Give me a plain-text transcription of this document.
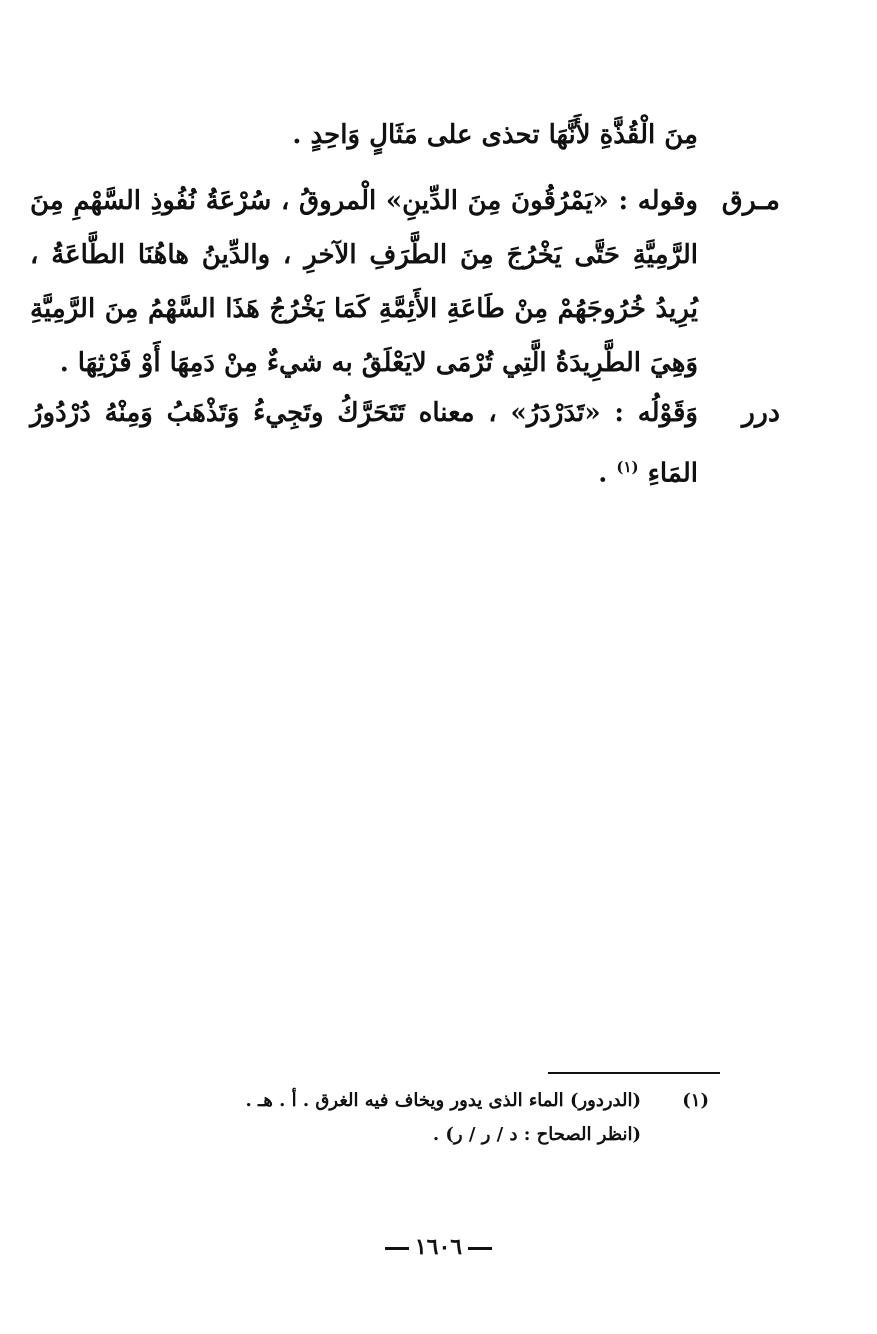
مِنَ الْقُذَّةِ لأَنَّهَا تحذى على مَثَالٍ وَاحِدٍ .

مـرق

وقوله : «يَمْرُقُونَ مِنَ الدِّينِ» الْمروقُ ، سُرْعَةُ نُفُوذِ السَّهْمِ مِنَ الرَّمِيَّةِ حَتَّى يَخْرُجَ مِنَ الطَّرَفِ الآخرِ ، والدِّينُ هاهُنَا الطَّاعَةُ ، يُرِيدُ خُرُوجَهُمْ مِنْ طَاعَةِ الأَئِمَّةِ كَمَا يَخْرُجُ هَذَا السَّهْمُ مِنَ الرَّمِيَّةِ وَهِيَ الطَّرِيدَةُ الَّتِي تُرْمَى لايَعْلَقُ به شيءٌ مِنْ دَمِهَا أَوْ فَرْثِهَا .

درر

وَقَوْلُه : «تَدَرْدَرُ» ، معناه تَتَحَرَّكُ وتَجِيءُ وَتَذْهَبُ وَمِنْهُ دُرْدُورُ المَاءِ $^{(١)}$ .

(١)

(الدردور) الماء الذى يدور ويخاف فيه الغرق . أ . هـ .

(انظر الصحاح : د / ر / ر) .

١٦٠٦
